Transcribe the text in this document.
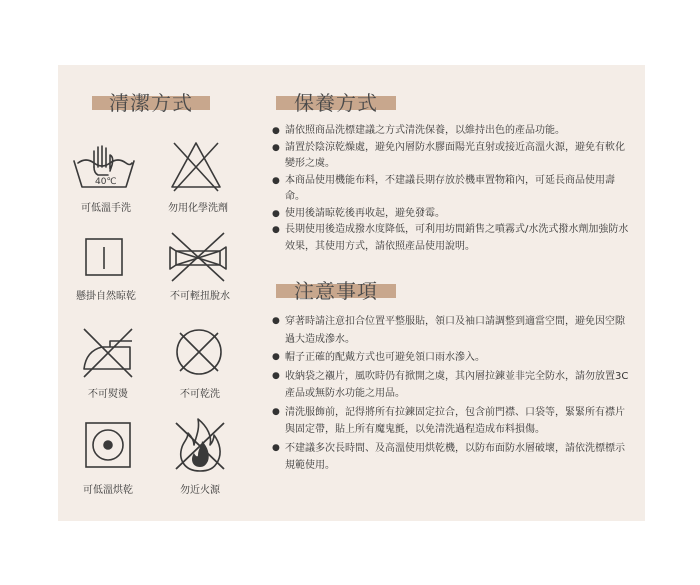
清潔方式
40℃
可低溫手洗	勿用化學洗劑
懸掛自然晾乾	不可輕扭脫水
不可熨燙	不可乾洗
可低溫烘乾	勿近火源
保養方式
● 請依照商品洗標建議之方式清洗保養，以維持出色的產品功能。
● 請置於陰涼乾燥處，避免內層防水膠面陽光直射或接近高溫火源，避免有軟化變形之虞。
● 本商品使用機能布料，不建議長期存放於機車置物箱內，可延長商品使用壽命。
● 使用後請晾乾後再收起，避免發霉。
● 長期使用後造成撥水度降低，可利用坊間銷售之噴霧式/水洗式撥水劑加強防水效果，其使用方式，請依照產品使用說明。
注意事項
● 穿著時請注意扣合位置平整服貼，領口及袖口請調整到適當空間，避免因空隙過大造成滲水。
● 帽子正確的配戴方式也可避免領口雨水滲入。
● 收納袋之襯片，風吹時仍有掀開之虞，其內層拉鍊並非完全防水，請勿放置3C產品或無防水功能之用品。
● 清洗服飾前，記得將所有拉鍊固定拉合，包含前門襟、口袋等，緊緊所有襟片與固定帶，貼上所有魔鬼氈，以免清洗過程造成布料損傷。
● 不建議多次長時間、及高溫使用烘乾機，以防布面防水層破壞，請依洗標標示規範使用。
